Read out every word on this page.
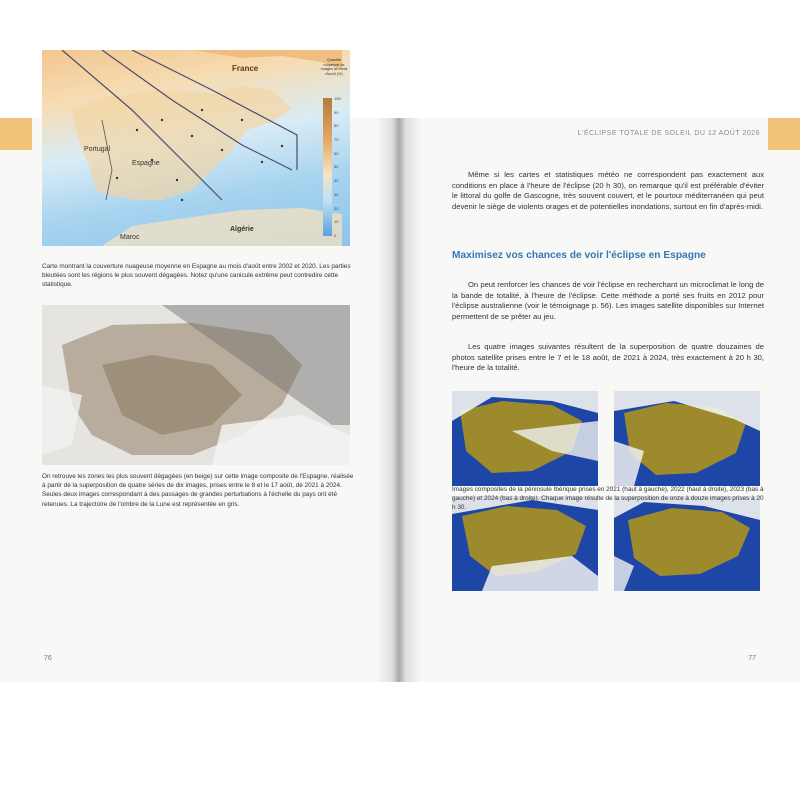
L'ÉCLIPSE TOTALE DE SOLEIL DU 12 AOÛT 2026
76	77
France
Portugal
Espagne
Maroc
Algérie
Quantité moyenne de nuages au mois d'août (%)
100
90
80
70
60
50
40
30
20
10
0
Carte montrant la couverture nuageuse moyenne en Espagne au mois d'août entre 2002 et 2020. Les parties bleutées sont les régions le plus souvent dégagées. Notez qu'une canicule extrême peut contredire cette statistique.
On retrouve les zones les plus souvent dégagées (en beige) sur cette image composite de l'Espagne, réalisée à partir de la superposition de quatre séries de dix images, prises entre le 8 et le 17 août, de 2021 à 2024. Seules deux images correspondant à des passages de grandes perturbations à l'échelle du pays ont été retenues. La trajectoire de l'ombre de la Lune est représentée en gris.
Même si les cartes et statistiques météo ne correspondent pas exactement aux conditions en place à l'heure de l'éclipse (20 h 30), on remarque qu'il est préférable d'éviter le littoral du golfe de Gascogne, très souvent couvert, et le pourtour méditerranéen qui peut devenir le siège de violents orages et de potentielles inondations, surtout en fin d'après-midi.
Maximisez vos chances de voir l'éclipse en Espagne
On peut renforcer les chances de voir l'éclipse en recherchant un microclimat le long de la bande de totalité, à l'heure de l'éclipse. Cette méthode a porté ses fruits en 2012 pour l'éclipse australienne (voir le témoignage p. 56). Les images satellite disponibles sur Internet permettent de se prêter au jeu.
Les quatre images suivantes résultent de la superposition de quatre douzaines de photos satellite prises entre le 7 et le 18 août, de 2021 à 2024, très exactement à 20 h 30, l'heure de la totalité.
Images composites de la péninsule Ibérique prises en 2021 (haut à gauche), 2022 (haut à droite), 2023 (bas à gauche) et 2024 (bas à droite). Chaque image résulte de la superposition de onze à douze images prises à 20 h 30.
